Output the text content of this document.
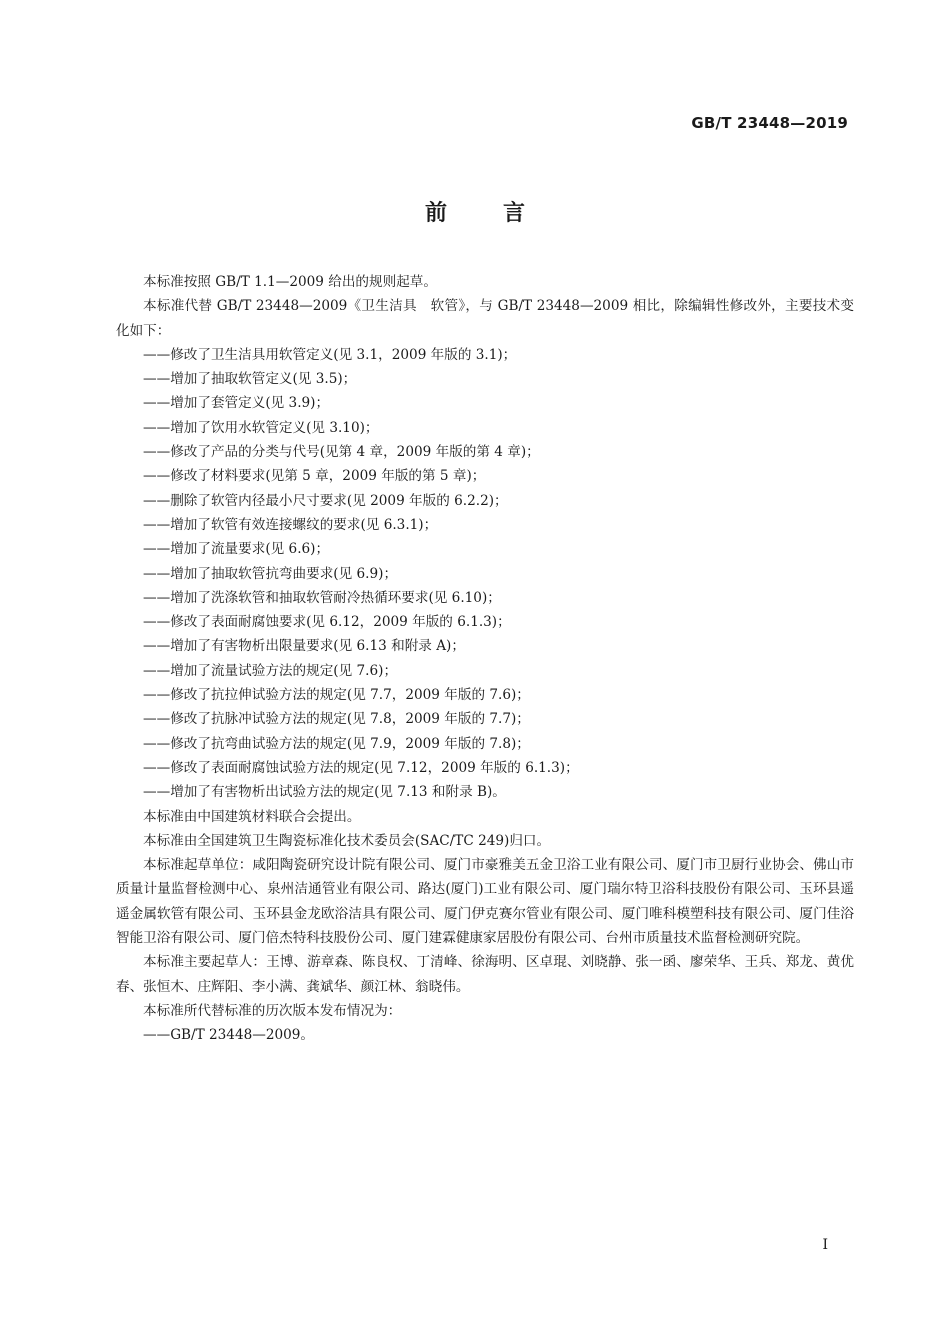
GB/T 23448—2019
前言

本标准按照 GB/T 1.1—2009 给出的规则起草。

本标准代替 GB/T 23448—2009《卫生洁具　软管》，与 GB/T 23448—2009 相比，除编辑性修改外，主要技术变化如下：

——修改了卫生洁具用软管定义(见 3.1，2009 年版的 3.1)；
——增加了抽取软管定义(见 3.5)；
——增加了套管定义(见 3.9)；
——增加了饮用水软管定义(见 3.10)；
——修改了产品的分类与代号(见第 4 章，2009 年版的第 4 章)；
——修改了材料要求(见第 5 章，2009 年版的第 5 章)；
——删除了软管内径最小尺寸要求(见 2009 年版的 6.2.2)；
——增加了软管有效连接螺纹的要求(见 6.3.1)；
——增加了流量要求(见 6.6)；
——增加了抽取软管抗弯曲要求(见 6.9)；
——增加了洗涤软管和抽取软管耐冷热循环要求(见 6.10)；
——修改了表面耐腐蚀要求(见 6.12，2009 年版的 6.1.3)；
——增加了有害物析出限量要求(见 6.13 和附录 A)；
——增加了流量试验方法的规定(见 7.6)；
——修改了抗拉伸试验方法的规定(见 7.7，2009 年版的 7.6)；
——修改了抗脉冲试验方法的规定(见 7.8，2009 年版的 7.7)；
——修改了抗弯曲试验方法的规定(见 7.9，2009 年版的 7.8)；
——修改了表面耐腐蚀试验方法的规定(见 7.12，2009 年版的 6.1.3)；
——增加了有害物析出试验方法的规定(见 7.13 和附录 B)。

本标准由中国建筑材料联合会提出。

本标准由全国建筑卫生陶瓷标准化技术委员会(SAC/TC 249)归口。

本标准起草单位：咸阳陶瓷研究设计院有限公司、厦门市豪雅美五金卫浴工业有限公司、厦门市卫厨行业协会、佛山市质量计量监督检测中心、泉州洁通管业有限公司、路达(厦门)工业有限公司、厦门瑞尔特卫浴科技股份有限公司、玉环县遥遥金属软管有限公司、玉环县金龙欧浴洁具有限公司、厦门伊克赛尔管业有限公司、厦门唯科模塑科技有限公司、厦门佳浴智能卫浴有限公司、厦门倍杰特科技股份公司、厦门建霖健康家居股份有限公司、台州市质量技术监督检测研究院。

本标准主要起草人：王博、游章森、陈良权、丁清峰、徐海明、区卓琨、刘晓静、张一函、廖荣华、王兵、郑龙、黄优春、张恒木、庄辉阳、李小满、龚斌华、颜江林、翁晓伟。

本标准所代替标准的历次版本发布情况为：

——GB/T 23448—2009。

I
